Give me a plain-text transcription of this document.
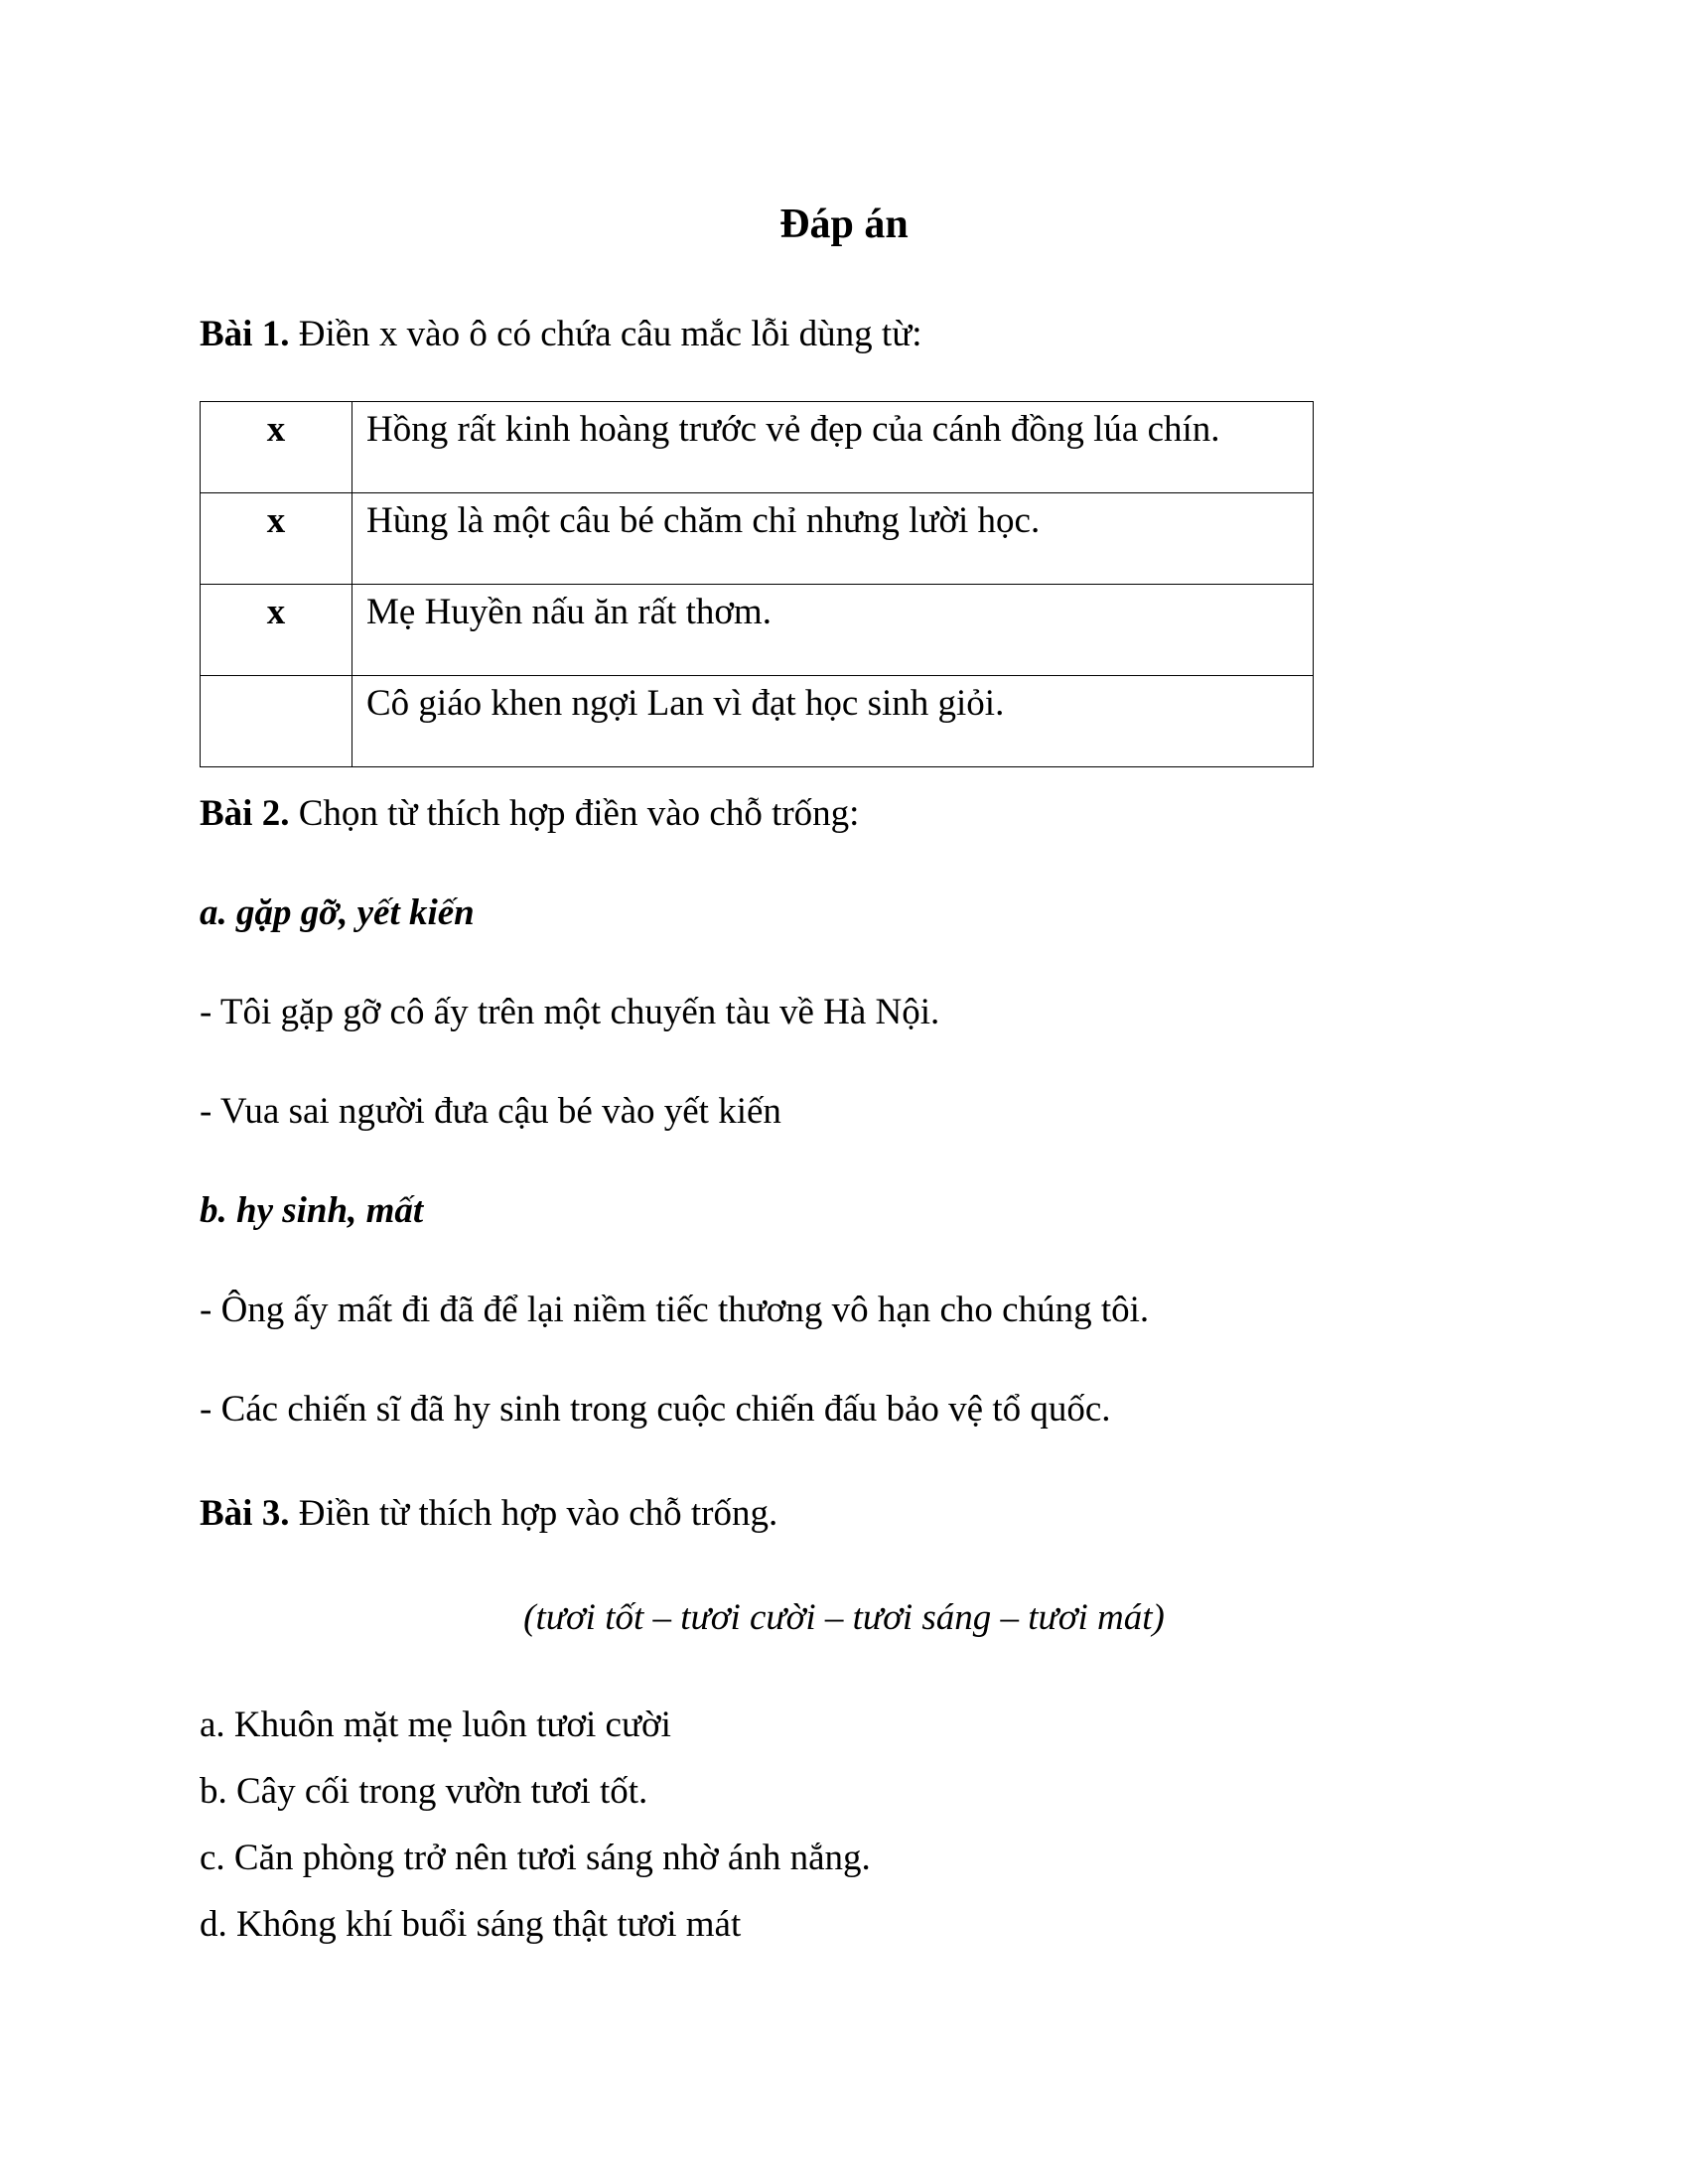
Đáp án
Bài 1. Điền x vào ô có chứa câu mắc lỗi dùng từ:
x	Hồng rất kinh hoàng trước vẻ đẹp của cánh đồng lúa chín.
x	Hùng là một câu bé chăm chỉ nhưng lười học.
x	Mẹ Huyền nấu ăn rất thơm.
	Cô giáo khen ngợi Lan vì đạt học sinh giỏi.
Bài 2. Chọn từ thích hợp điền vào chỗ trống:
a. gặp gỡ, yết kiến
- Tôi gặp gỡ cô ấy trên một chuyến tàu về Hà Nội.
- Vua sai người đưa cậu bé vào yết kiến
b. hy sinh, mất
- Ông ấy mất đi đã để lại niềm tiếc thương vô hạn cho chúng tôi.
- Các chiến sĩ đã hy sinh trong cuộc chiến đấu bảo vệ tổ quốc.
Bài 3. Điền từ thích hợp vào chỗ trống.
(tươi tốt – tươi cười – tươi sáng – tươi mát)
a. Khuôn mặt mẹ luôn tươi cười
b. Cây cối trong vườn tươi tốt.
c. Căn phòng trở nên tươi sáng nhờ ánh nắng.
d. Không khí buổi sáng thật tươi mát
